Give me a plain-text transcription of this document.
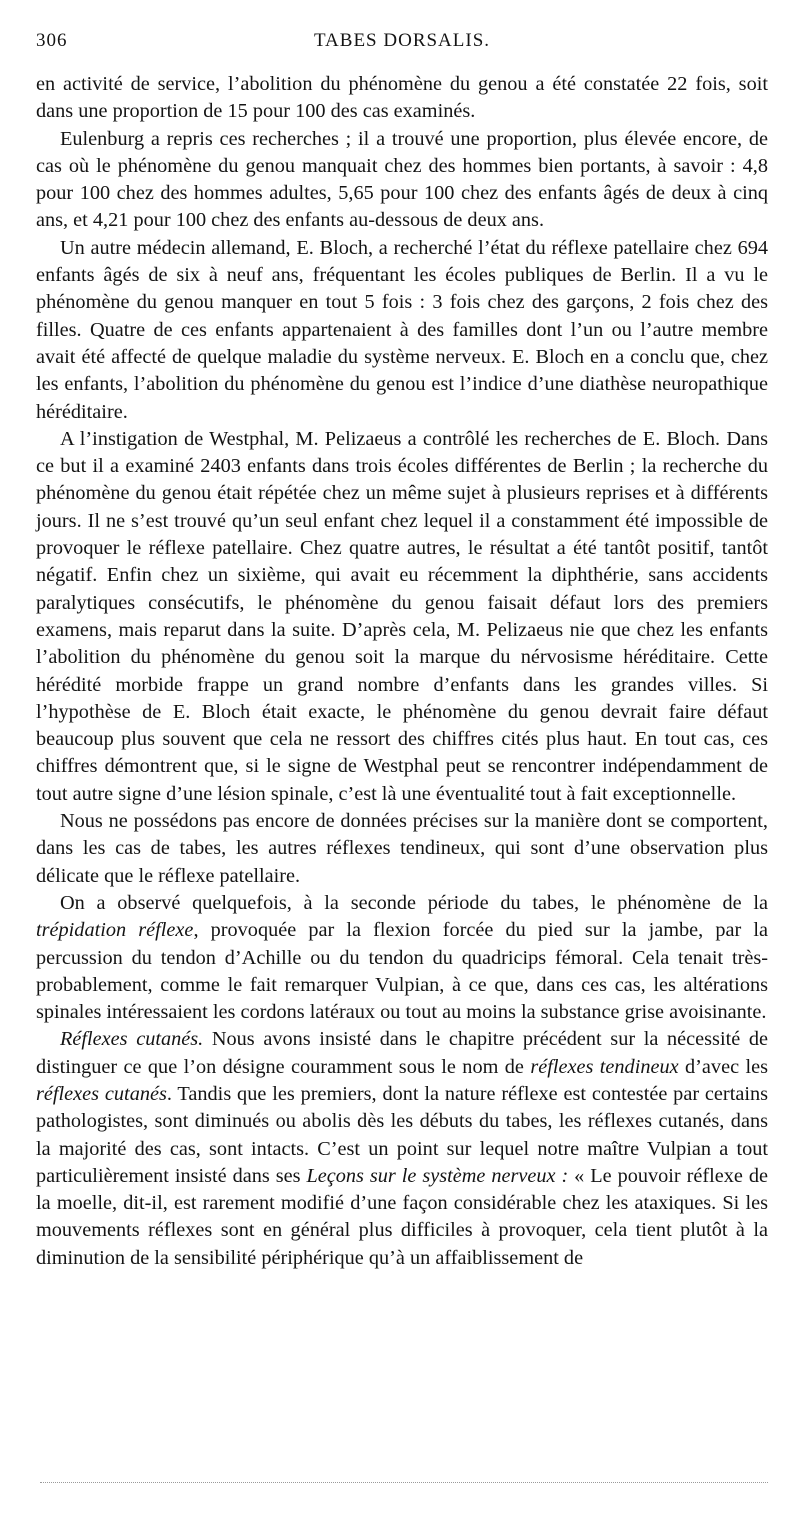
306	TABES DORSALIS.

en activité de service, l’abolition du phénomène du genou a été constatée 22 fois, soit dans une proportion de 15 pour 100 des cas examinés.

Eulenburg a repris ces recherches ; il a trouvé une proportion, plus élevée encore, de cas où le phénomène du genou manquait chez des hommes bien portants, à savoir : 4,8 pour 100 chez des hommes adultes, 5,65 pour 100 chez des enfants âgés de deux à cinq ans, et 4,21 pour 100 chez des enfants au-dessous de deux ans.

Un autre médecin allemand, E. Bloch, a recherché l’état du réflexe patellaire chez 694 enfants âgés de six à neuf ans, fréquentant les écoles publiques de Berlin. Il a vu le phénomène du genou manquer en tout 5 fois : 3 fois chez des garçons, 2 fois chez des filles. Quatre de ces enfants appartenaient à des familles dont l’un ou l’autre membre avait été affecté de quelque maladie du système nerveux. E. Bloch en a conclu que, chez les enfants, l’abolition du phénomène du genou est l’indice d’une diathèse neuropathique héréditaire.

A l’instigation de Westphal, M. Pelizaeus a contrôlé les recherches de E. Bloch. Dans ce but il a examiné 2403 enfants dans trois écoles différentes de Berlin ; la recherche du phénomène du genou était répétée chez un même sujet à plusieurs reprises et à différents jours. Il ne s’est trouvé qu’un seul enfant chez lequel il a constamment été impossible de provoquer le réflexe patellaire. Chez quatre autres, le résultat a été tantôt positif, tantôt négatif. Enfin chez un sixième, qui avait eu récemment la diphthérie, sans accidents paralytiques consécutifs, le phénomène du genou faisait défaut lors des premiers examens, mais reparut dans la suite. D’après cela, M. Pelizaeus nie que chez les enfants l’abolition du phénomène du genou soit la marque du nérvosisme héréditaire. Cette hérédité morbide frappe un grand nombre d’enfants dans les grandes villes. Si l’hypothèse de E. Bloch était exacte, le phénomène du genou devrait faire défaut beaucoup plus souvent que cela ne ressort des chiffres cités plus haut. En tout cas, ces chiffres démontrent que, si le signe de Westphal peut se rencontrer indépendamment de tout autre signe d’une lésion spinale, c’est là une éventualité tout à fait exceptionnelle.

Nous ne possédons pas encore de données précises sur la manière dont se comportent, dans les cas de tabes, les autres réflexes tendineux, qui sont d’une observation plus délicate que le réflexe patellaire.

On a observé quelquefois, à la seconde période du tabes, le phénomène de la trépidation réflexe, provoquée par la flexion forcée du pied sur la jambe, par la percussion du tendon d’Achille ou du tendon du quadricips fémoral. Cela tenait très-probablement, comme le fait remarquer Vulpian, à ce que, dans ces cas, les altérations spinales intéressaient les cordons latéraux ou tout au moins la substance grise avoisinante.

Réflexes cutanés. Nous avons insisté dans le chapitre précédent sur la nécessité de distinguer ce que l’on désigne couramment sous le nom de réflexes tendineux d’avec les réflexes cutanés. Tandis que les premiers, dont la nature réflexe est contestée par certains pathologistes, sont diminués ou abolis dès les débuts du tabes, les réflexes cutanés, dans la majorité des cas, sont intacts. C’est un point sur lequel notre maître Vulpian a tout particulièrement insisté dans ses Leçons sur le système nerveux : « Le pouvoir réflexe de la moelle, dit-il, est rarement modifié d’une façon considérable chez les ataxiques. Si les mouvements réflexes sont en général plus difficiles à provoquer, cela tient plutôt à la diminution de la sensibilité périphérique qu’à un affaiblissement de
